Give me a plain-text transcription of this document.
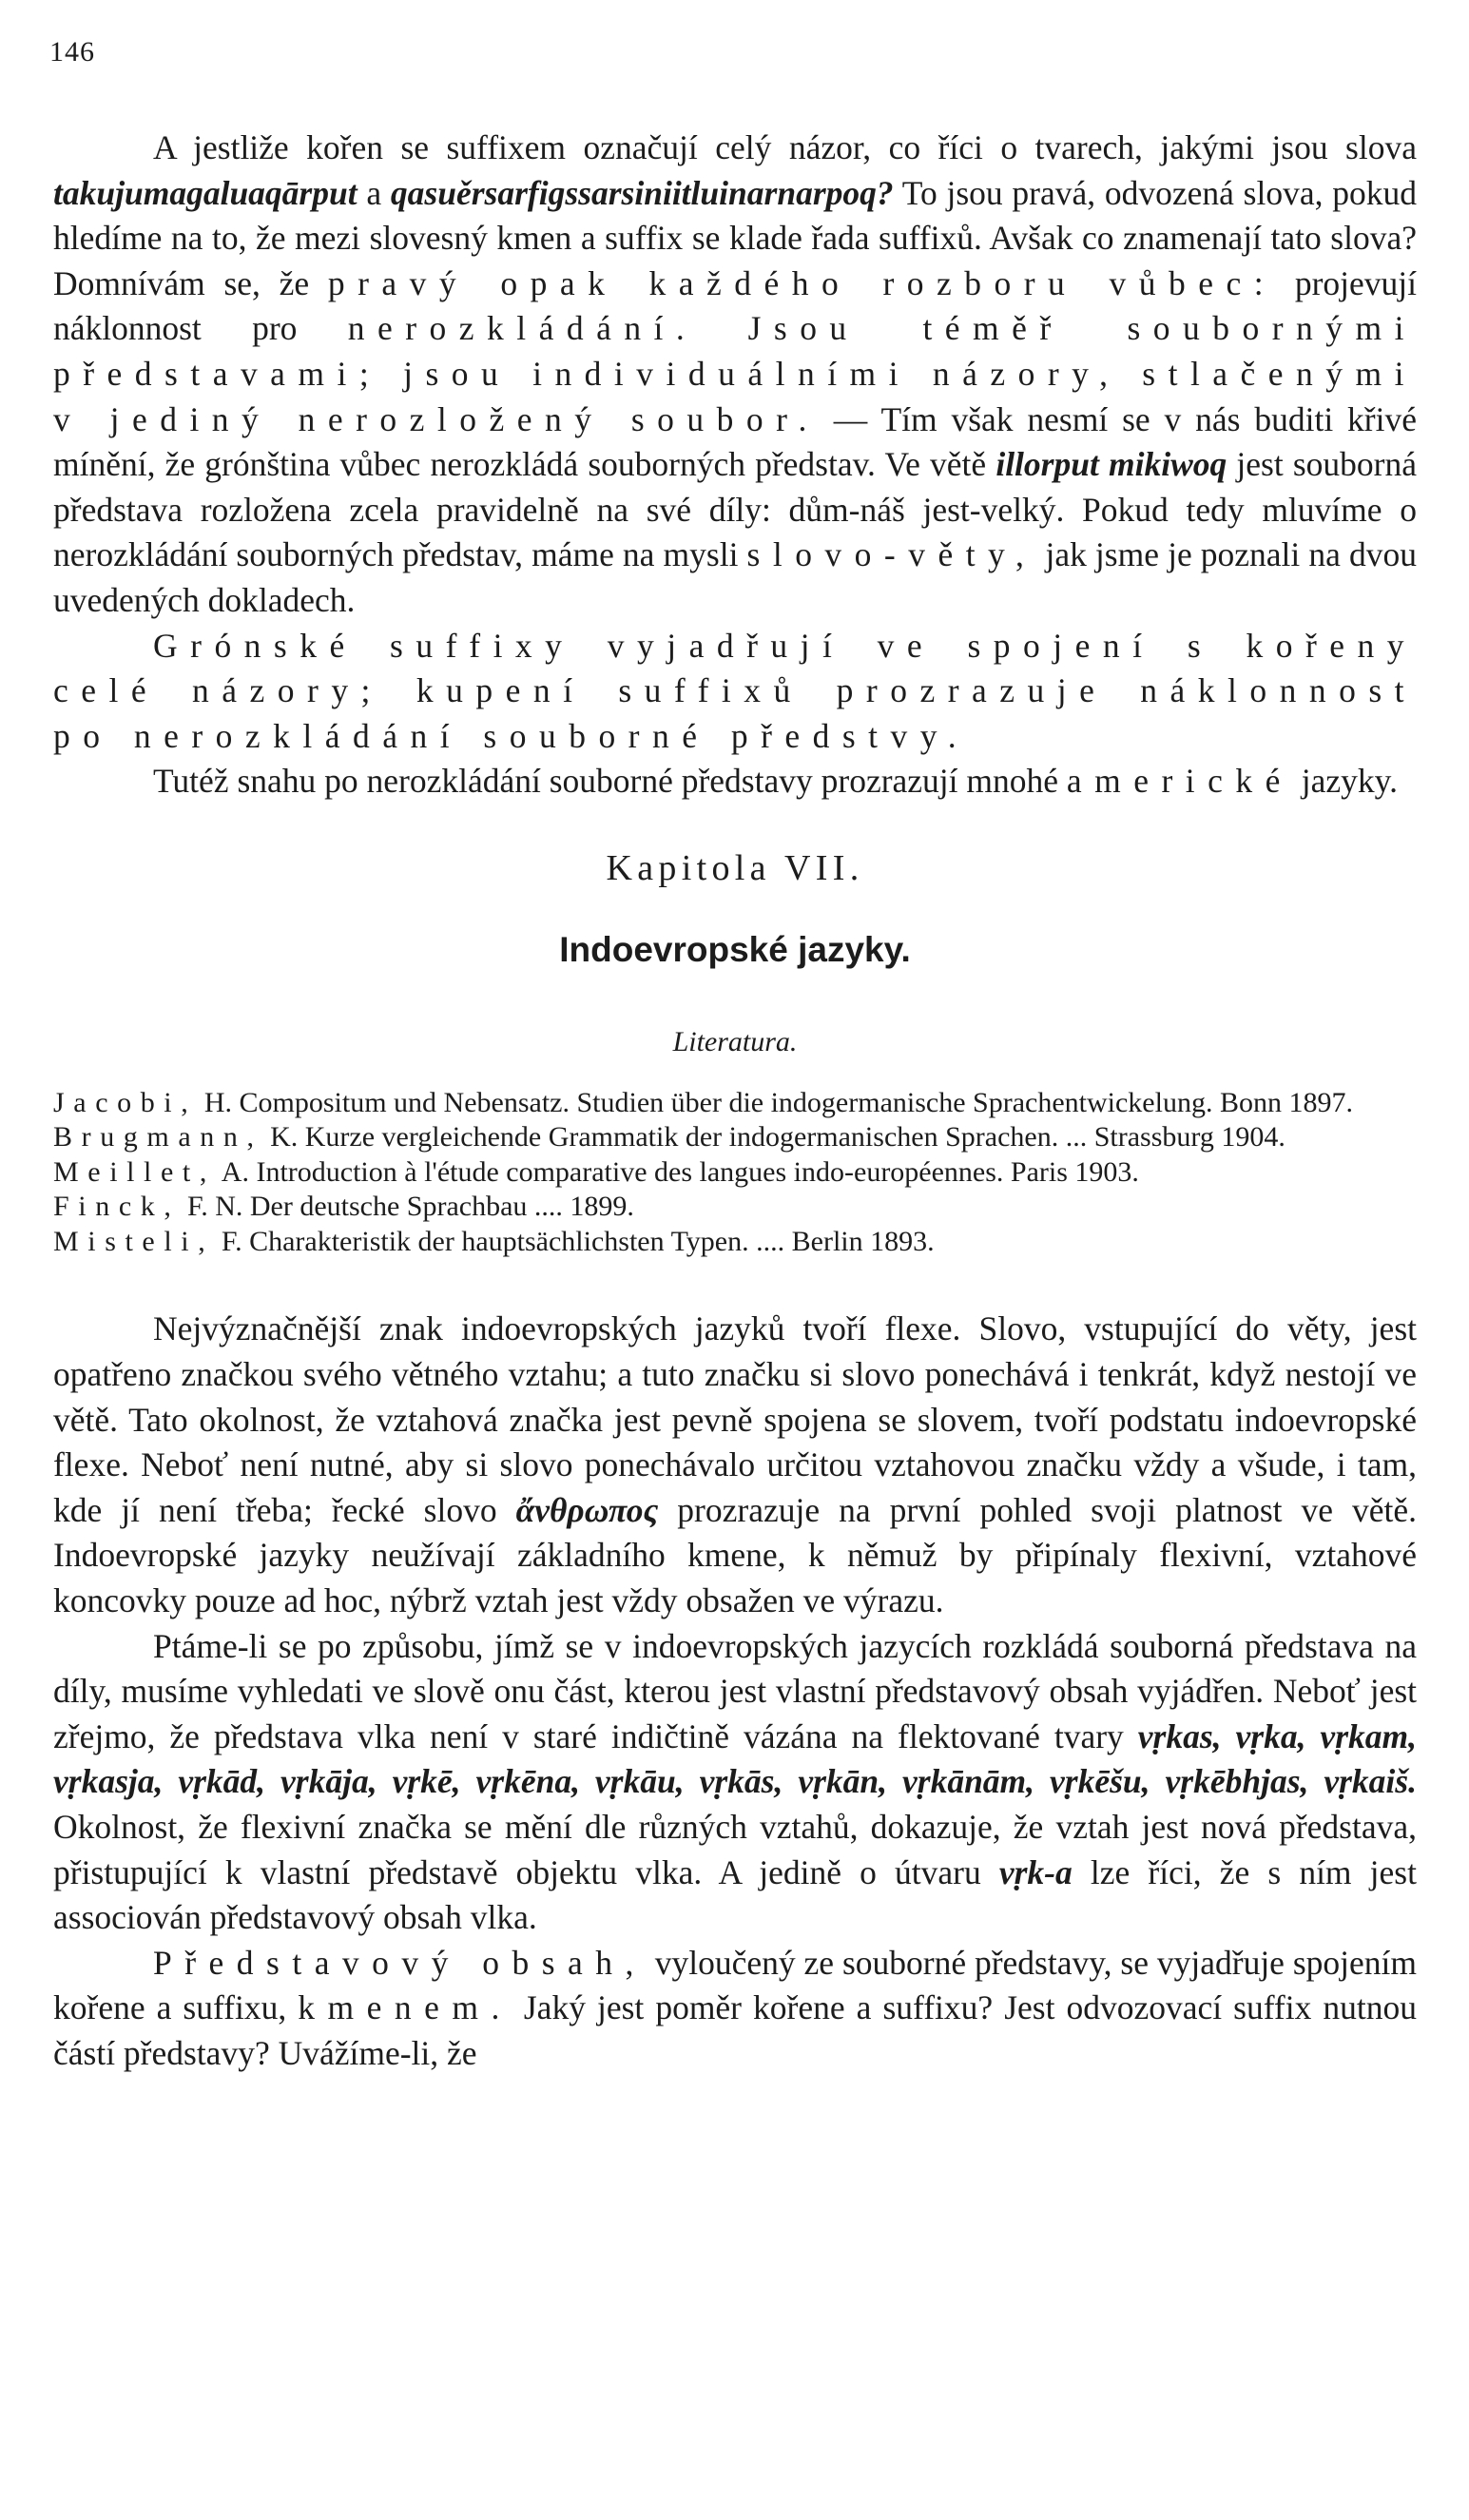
146

A jestliže kořen se suffixem označují celý názor, co říci o tvarech, jakými jsou slova takujumagaluaqārput a qasuěrsarfigssarsiniitluinarnarpoq? To jsou pravá, odvozená slova, pokud hledíme na to, že mezi slovesný kmen a suffix se klade řada suffixů. Avšak co znamenají tato slova? Domnívám se, že pravý opak každého rozboru vůbec: projevují náklonnost pro nerozkládání. Jsou téměř soubornými představami; jsou individuálními názory, stlačenými v jediný nerozložený soubor. — Tím však nesmí se v nás buditi křivé mínění, že grónština vůbec nerozkládá souborných představ. Ve větě illorput mikiwoq jest souborná představa rozložena zcela pravidelně na své díly: dům-náš jest-velký. Pokud tedy mluvíme o nerozkládání souborných představ, máme na mysli slovo-věty, jak jsme je poznali na dvou uvedených dokladech.

Grónské suffixy vyjadřují ve spojení s kořeny celé názory; kupení suffixů prozrazuje náklonnost po nerozkládání souborné předstvy.

Tutéž snahu po nerozkládání souborné představy prozrazují mnohé americké jazyky.

Kapitola VII.
Indoevropské jazyky.
Literatura.

Jacobi, H. Compositum und Nebensatz. Studien über die indogermanische Sprachentwickelung. Bonn 1897.

Brugmann, K. Kurze vergleichende Grammatik der indogermanischen Sprachen. ... Strassburg 1904.

Meillet, A. Introduction à l'étude comparative des langues indo-européennes. Paris 1903.

Finck, F. N. Der deutsche Sprachbau .... 1899.

Misteli, F. Charakteristik der hauptsächlichsten Typen. .... Berlin 1893.

Nejvýznačnější znak indoevropských jazyků tvoří flexe. Slovo, vstupující do věty, jest opatřeno značkou svého větného vztahu; a tuto značku si slovo ponechává i tenkrát, když nestojí ve větě. Tato okolnost, že vztahová značka jest pevně spojena se slovem, tvoří podstatu indoevropské flexe. Neboť není nutné, aby si slovo ponechávalo určitou vztahovou značku vždy a všude, i tam, kde jí není třeba; řecké slovo ἄνθρωπος prozrazuje na první pohled svoji platnost ve větě. Indoevropské jazyky neužívají základního kmene, k němuž by připínaly flexivní, vztahové koncovky pouze ad hoc, nýbrž vztah jest vždy obsažen ve výrazu.

Ptáme-li se po způsobu, jímž se v indoevropských jazycích rozkládá souborná představa na díly, musíme vyhledati ve slově onu část, kterou jest vlastní představový obsah vyjádřen. Neboť jest zřejmo, že představa vlka není v staré indičtině vázána na flektované tvary vṛkas, vṛka, vṛkam, vṛkasja, vṛkād, vṛkāja, vṛkē, vṛkēna, vṛkāu, vṛkās, vṛkān, vṛkānām, vṛkēšu, vṛkēbhjas, vṛkaiš. Okolnost, že flexivní značka se mění dle různých vztahů, dokazuje, že vztah jest nová představa, přistupující k vlastní představě objektu vlka. A jedině o útvaru vṛk-a lze říci, že s ním jest associován představový obsah vlka.

Představový obsah, vyloučený ze souborné představy, se vyjadřuje spojením kořene a suffixu, kmenem. Jaký jest poměr kořene a suffixu? Jest odvozovací suffix nutnou částí představy? Uvážíme-li, že
